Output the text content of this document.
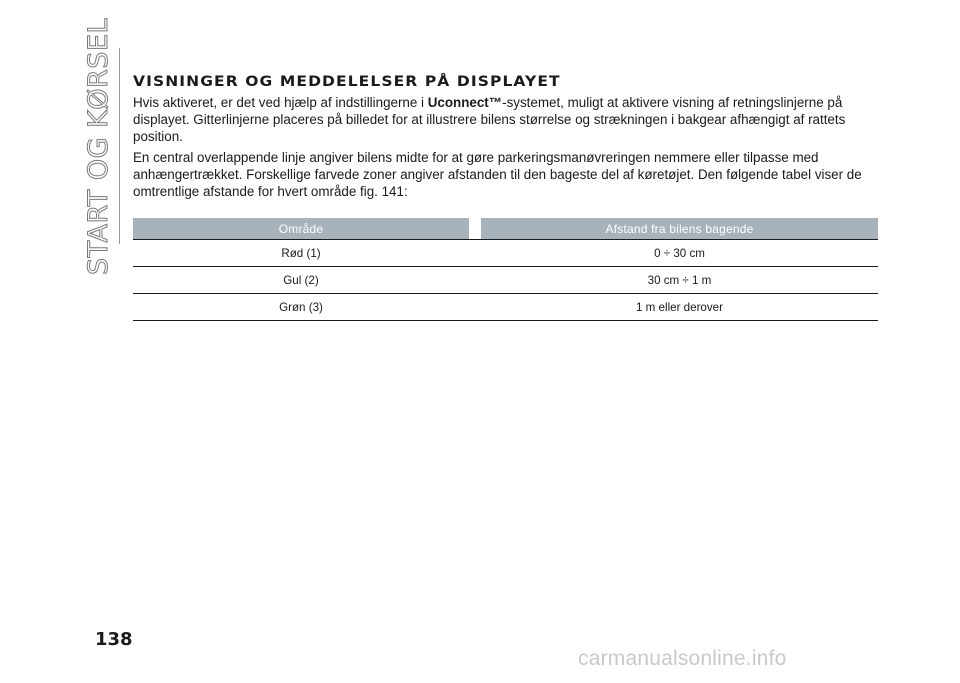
START OG KØRSEL VISNINGER OG MEDDELELSER PÅ DISPLAYET

Hvis aktiveret, er det ved hjælp af indstillingerne i Uconnect™-systemet, muligt at aktivere visning af retningslinjerne på displayet. Gitterlinjerne placeres på billedet for at illustrere bilens størrelse og strækningen i bakgear afhængigt af rattets position.

En central overlappende linje angiver bilens midte for at gøre parkeringsmanøvreringen nemmere eller tilpasse med anhængertrækket. Forskellige farvede zoner angiver afstanden til den bageste del af køretøjet. Den følgende tabel viser de omtrentlige afstande for hvert område fig. 141:

Område		Afstand fra bilens bagende
Rød (1)		0 ÷ 30 cm
Gul (2)		30 cm ÷ 1 m
Grøn (3)		1 m eller derover
138
carmanualsonline.info
